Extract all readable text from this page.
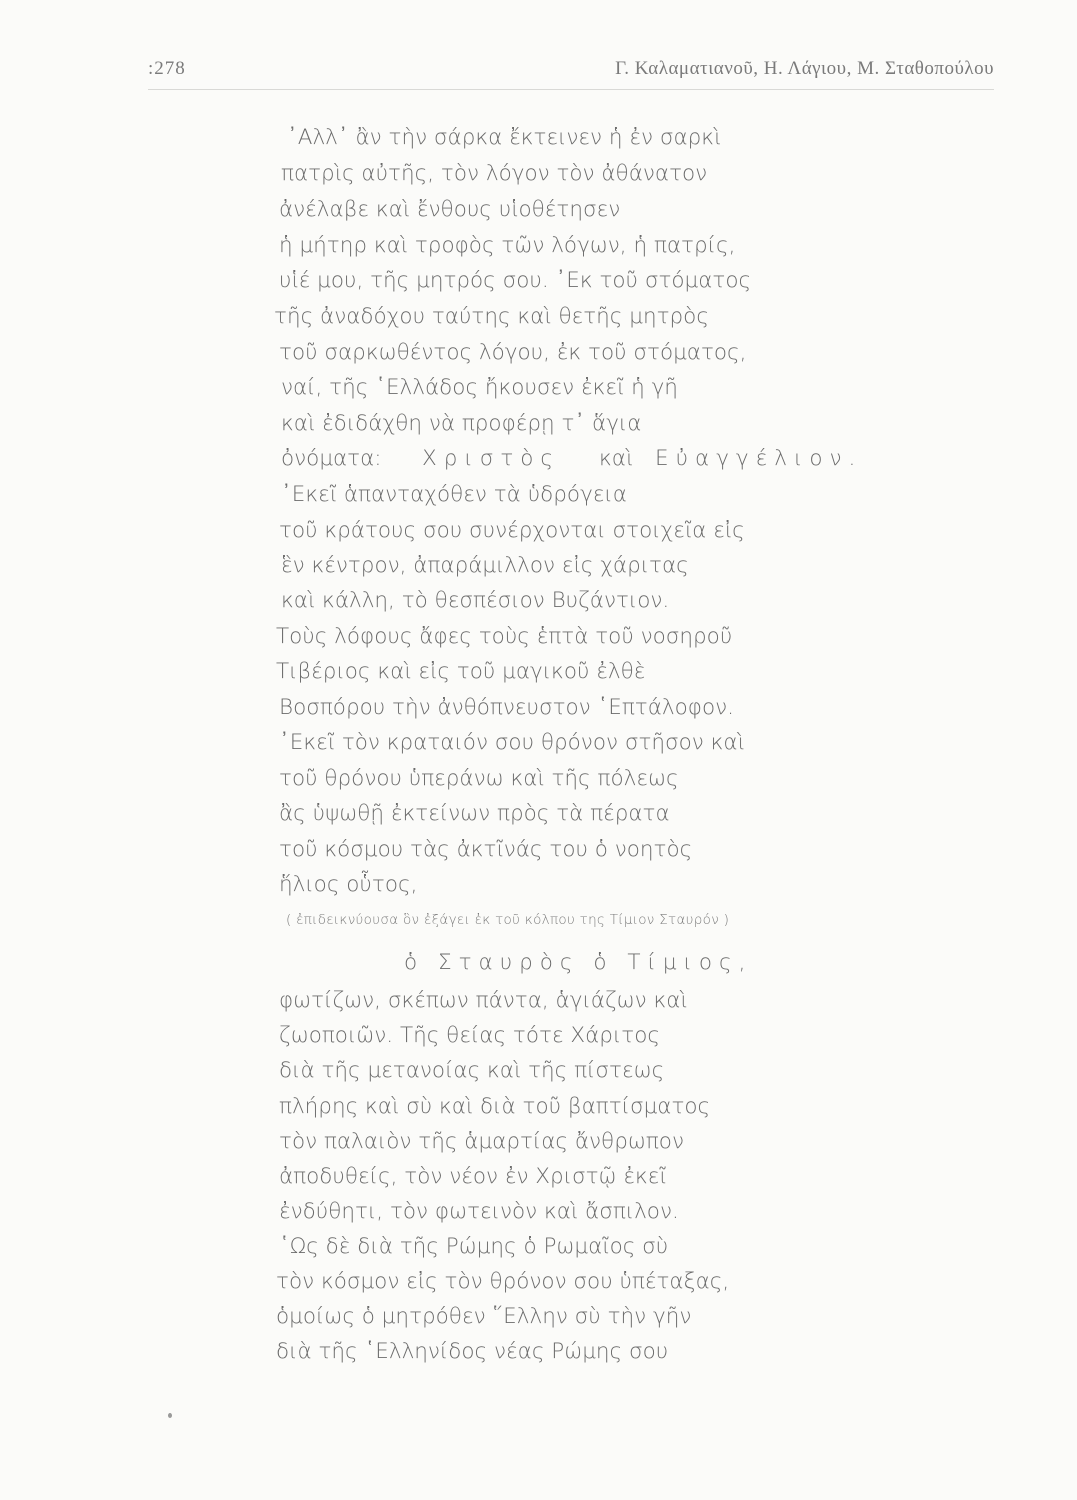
:278	Γ. Καλαματιανοῦ, Η. Λάγιου, Μ. Σταθοπούλου
᾿Αλλ᾿ ἂν τὴν σάρκα ἔκτεινεν ἡ ἐν σαρκὶ
πατρὶς αὐτῆς, τὸν λόγον τὸν ἀθάνατον
ἀνέλαβε καὶ ἔνθους υἱοθέτησεν
ἡ μήτηρ καὶ τροφὸς τῶν λόγων, ἡ πατρίς,
υἱέ μου, τῆς μητρός σου. ᾿Εκ τοῦ στόματος
τῆς ἀναδόχου ταύτης καὶ θετῆς μητρὸς
τοῦ σαρκωθέντος λόγου, ἐκ τοῦ στόματος,
ναί, τῆς ῾Ελλάδος ἤκουσεν ἐκεῖ ἡ γῆ
καὶ ἐδιδάχθη νὰ προφέρῃ τ᾿ ἅγια
ὀνόματα: Χριστὸς καὶ Εὐαγγέλιον.
᾿Εκεῖ ἁπανταχόθεν τὰ ὑδρόγεια
τοῦ κράτους σου συνέρχονται στοιχεῖα εἰς
ἓν κέντρον, ἀπαράμιλλον εἰς χάριτας
καὶ κάλλη, τὸ θεσπέσιον Βυζάντιον.
Τοὺς λόφους ἄφες τοὺς ἑπτὰ τοῦ νοσηροῦ
Τιβέριος καὶ εἰς τοῦ μαγικοῦ ἐλθὲ
Βοσπόρου τὴν ἀνθόπνευστον ῾Επτάλοφον.
᾿Εκεῖ τὸν κραταιόν σου θρόνον στῆσον καὶ
τοῦ θρόνου ὑπεράνω καὶ τῆς πόλεως
ἂς ὑψωθῇ ἐκτείνων πρὸς τὰ πέρατα
τοῦ κόσμου τὰς ἀκτῖνάς του ὁ νοητὸς
ἥλιος οὗτος,
( ἐπιδεικνύουσα ὃν ἐξάγει ἐκ τοῦ κόλπου της Τίμιον Σταυρόν )
ὁ Σταυρὸς ὁ Τίμιος,
φωτίζων, σκέπων πάντα, ἁγιάζων καὶ
ζωοποιῶν. Τῆς θείας τότε Χάριτος
διὰ τῆς μετανοίας καὶ τῆς πίστεως
πλήρης καὶ σὺ καὶ διὰ τοῦ βαπτίσματος
τὸν παλαιὸν τῆς ἁμαρτίας ἄνθρωπον
ἀποδυθείς, τὸν νέον ἐν Χριστῷ ἐκεῖ
ἐνδύθητι, τὸν φωτεινὸν καὶ ἄσπιλον.
῾Ως δὲ διὰ τῆς Ρώμης ὁ Ρωμαῖος σὺ
τὸν κόσμον εἰς τὸν θρόνον σου ὑπέταξας,
ὁμοίως ὁ μητρόθεν ῞Ελλην σὺ τὴν γῆν
διὰ τῆς ῾Ελληνίδος νέας Ρώμης σου
